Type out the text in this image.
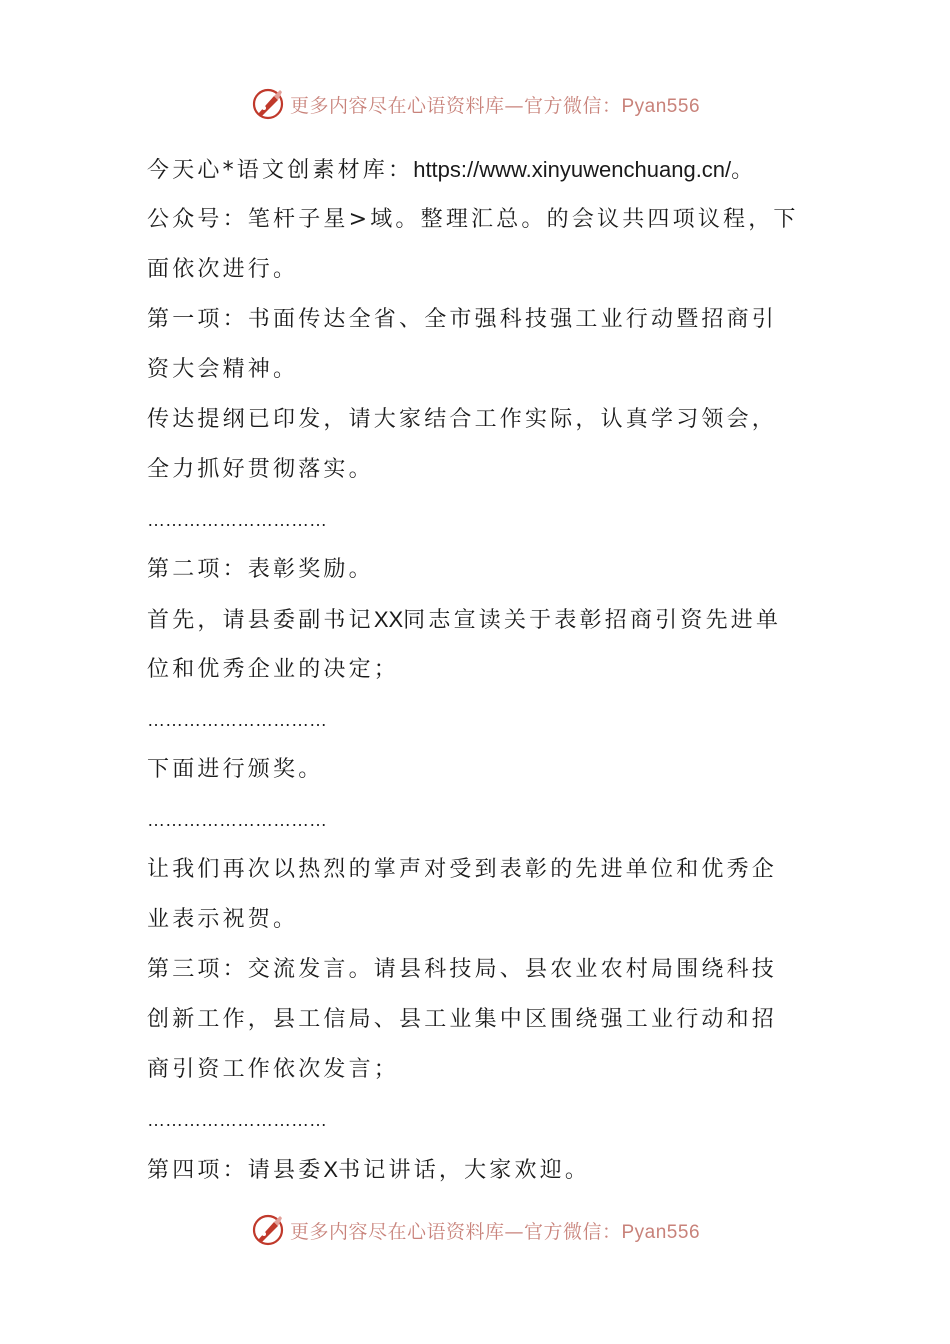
更多内容尽在心语资料库—官方微信：Pyan556
今天心*语文创素材库：https://www.xinyuwenchuang.cn/。
公众号：笔杆子星>域。整理汇总。的会议共四项议程，下
面依次进行。
第一项：书面传达全省、全市强科技强工业行动暨招商引
资大会精神。
传达提纲已印发，请大家结合工作实际，认真学习领会，
全力抓好贯彻落实。
…………………………
第二项：表彰奖励。
首先，请县委副书记XX同志宣读关于表彰招商引资先进单
位和优秀企业的决定；
…………………………
下面进行颁奖。
…………………………
让我们再次以热烈的掌声对受到表彰的先进单位和优秀企
业表示祝贺。
第三项：交流发言。请县科技局、县农业农村局围绕科技
创新工作，县工信局、县工业集中区围绕强工业行动和招
商引资工作依次发言；
…………………………
第四项：请县委X书记讲话，大家欢迎。
更多内容尽在心语资料库—官方微信：Pyan556
